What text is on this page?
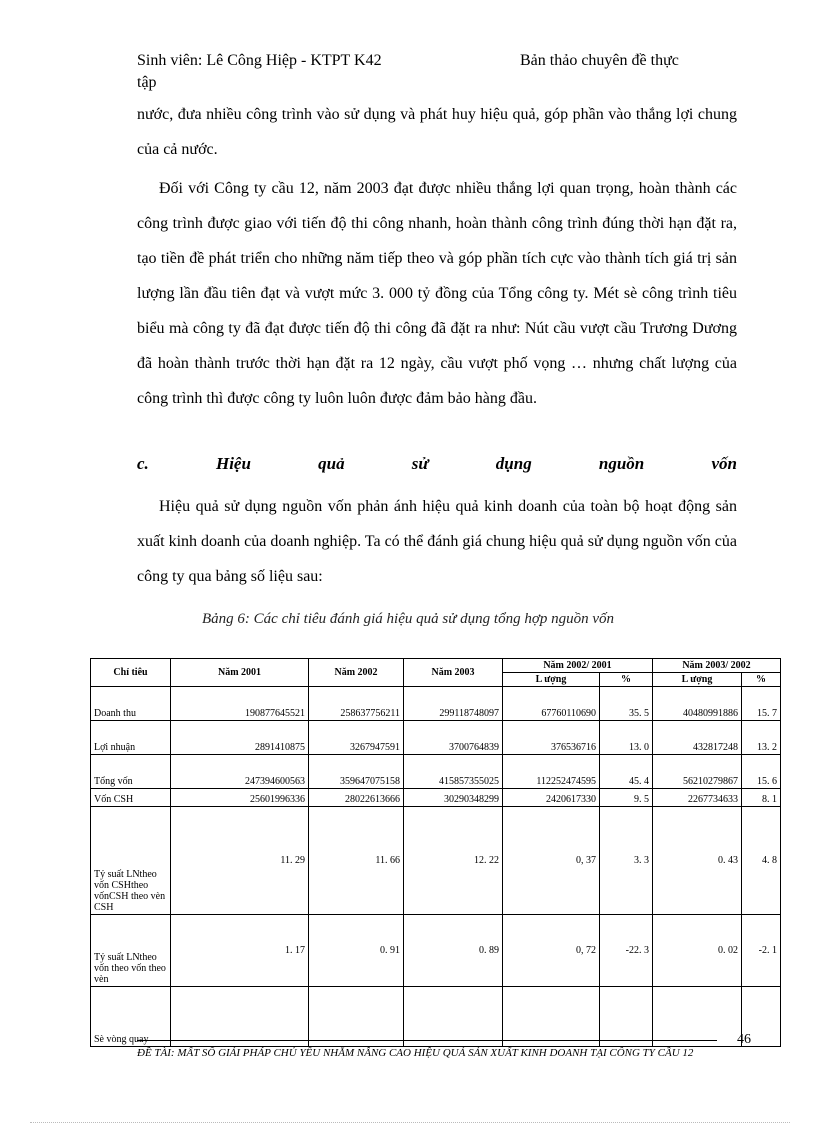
Sinh viên: Lê Công Hiệp - KTPT K42
tập
Bản thảo chuyên đề thực

nước, đưa nhiều công trình vào sử dụng và phát huy hiệu quả, góp phần vào thắng lợi chung của cả nước.

Đối với Công ty cầu 12, năm 2003 đạt được nhiều thắng lợi quan trọng, hoàn thành các công trình được giao với tiến độ thi công nhanh, hoàn thành công trình đúng thời hạn đặt ra, tạo tiền đề phát triển cho những năm tiếp theo và góp phần tích cực vào thành tích giá trị sản lượng lần đầu tiên đạt và vượt mức 3. 000 tỷ đồng của Tổng công ty. Mét sè công trình tiêu biểu mà công ty đã đạt được tiến độ thi công đã đặt ra như: Nút cầu vượt cầu Trương Dương đã hoàn thành trước thời hạn đặt ra 12 ngày, cầu vượt phố vọng … nhưng chất lượng của công trình thì được công ty luôn luôn được đảm bảo hàng đầu.

c.	Hiệu	quả	sử	dụng	nguồn	vốn

Hiệu quả sử dụng nguồn vốn phản ánh hiệu quả kinh doanh của toàn bộ hoạt động sản xuất kinh doanh của doanh nghiệp. Ta có thể đánh giá chung hiệu quả sử dụng nguồn vốn của công ty qua bảng số liệu sau:

Bảng 6: Các chỉ tiêu đánh giá hiệu quả sử dụng tổng hợp nguồn vốn
Chỉ tiêu	Năm 2001	Năm 2002	Năm 2003	Năm 2002/ 2001		Năm 2003/ 2002	
				L ượng	%	L ượng	%
Doanh thu	190877645521	258637756211	299118748097	67760110690	35. 5	40480991886	15. 7
Lợi nhuận	2891410875	3267947591	3700764839	376536716	13. 0	432817248	13. 2
Tổng vốn	247394600563	359647075158	415857355025	112252474595	45. 4	56210279867	15. 6
Vốn CSH	25601996336	28022613666	30290348299	2420617330	9. 5	2267734633	8. 1
Tỷ suất LNtheo vốn CSHtheo vốnCSH theo vèn CSH	11. 29	11. 66	12. 22	0, 37	3. 3	0. 43	4. 8
Tỷ suất LNtheo vốn theo vốn theo vèn	1. 17	0. 91	0. 89	0, 72	-22. 3	0. 02	-2. 1
Sè vòng quay								46
ĐỀ TÀI: MẤT SỐ GIẢI PHÁP CHỦ YẾU NHẰM NÂNG CAO HIỆU QUẢ SẢN XUẤT KINH DOANH TẠI CÔNG TY CẦU 12
